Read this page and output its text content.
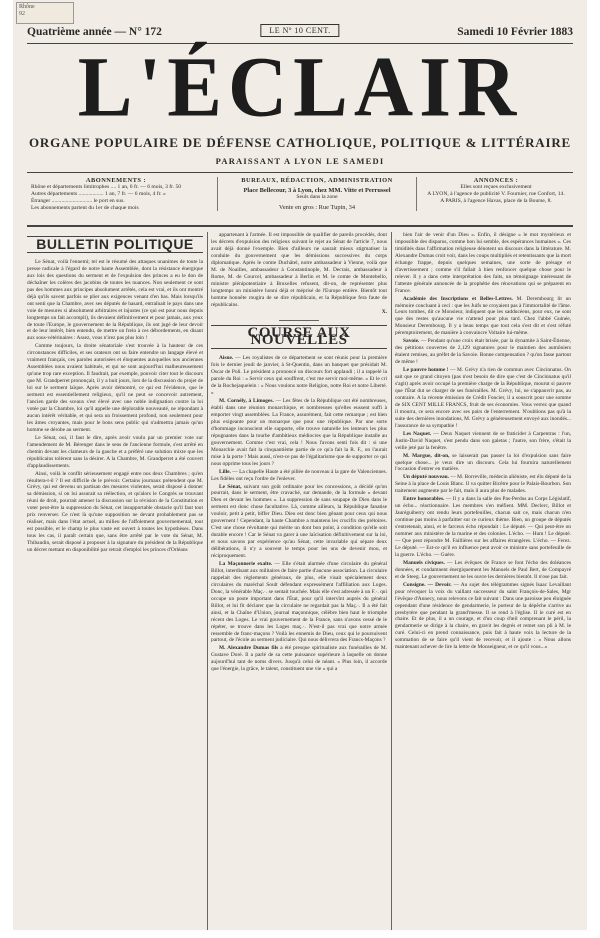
Rhône
92
Quatrième année — N° 172	LE Nº 10 CENT.	Samedi 10 Février 1883
L'ÉCLAIR
ORGANE POPULAIRE DE DÉFENSE CATHOLIQUE, POLITIQUE & LITTÉRAIRE
PARAISSANT A LYON LE SAMEDI
ABONNEMENTS :
Rhône et départements limitrophes .... 1 an, 6 fr. — 6 mois, 3 fr. 50
Autres départements .................. 1 an, 7 fr. — 6 mois, 4 fr. »
Étranger ............................. le port en sus.
Les abonnements partent du 1er de chaque mois
BUREAUX, RÉDACTION, ADMINISTRATION
Place Bellecour, 3 à Lyon, chez MM. Vitte et Perrussel
Seuls dans la zone
Vente en gros : Rue Tupin, 34
ANNONCES :
Elles sont reçues exclusivement
A LYON, à l'agence de publicité V. Fournier, rue Confort, 14.
A PARIS, à l'agence Havas, place de la Bourse, 8.
BULLETIN POLITIQUE

Le Sénat, voilà l'ennemi; tel est le résumé des attaques unanimes de toute la presse radicale à l'égard de notre haute Assemblée, dont la résistance énergique aux lois des questions du serment et de l'expulsion des princes a eu le don de déchaîner les colères des jacobins de toutes les nuances. Non seulement ce sont pas des hommes aux principes absolument arrêtés, cela est vrai, et ils ont montré déjà qu'ils savent parfois se plier aux exigences venant d'en bas. Mais lorsqu'ils ont senti que la Chambre, avec ses députés de hasard, entraînait le pays dans une voie de mesures si absolument arbitraires et injustes (ce qui est pour nous depuis longtemps un fait accompli), ils devaient définitivement et pour jamais, aux yeux de toute l'Europe, le gouvernement de la République, ils ont jugé de leur devoir et de leur intérêt, bien entendu, de mettre un frein à ces débordements, en disant aux sous-vétérinaires : Assez, vous n'irez pas plus loin !

Comme toujours, la droite sénatoriale s'est trouvée à la hauteur de ces circonstances difficiles, et ses orateurs ont su faire entendre un langage élevé et vraiment français, ces paroles autorisées et éloquentes auxquelles nos anciennes Assemblées nous avaient habitués, et qui ne sont aujourd'hui malheureusement qu'une trop rare exception. Il faudrait, par exemple, pouvoir citer tout le discours que M. Grandperret prononçait, il y a huit jours, lors de la discussion du projet de loi sur le serment laïque. Après avoir démontré, ce qui est l'évidence, que le serment est essentiellement religieux, qu'il ne peut se concevoir autrement, l'ancien garde des sceaux s'est élevé avec une noble indignation contre la loi votée par la Chambre, loi qu'il appelle une déplorable nouveauté, ne répondant à aucun intérêt véritable, et qui sera un froissement profond, non seulement pour les âmes croyantes, mais pour le bons sens public qui n'admettra jamais qu'un homme se dérobe au serment.

Le Sénat, oui, il faut le dire, après avoir voulu par un premier vote sur l'amendement de M. Bérenger dans le sens de l'ancienne formule, s'est arrêté en chemin devant les clameurs de la gauche et a préféré une solution mixte que les républicains tolèrent sans la désirer. A la Chambre, M. Grandperret a été couvert d'applaudissements.

Ainsi, voilà le conflit sérieusement engagé entre nos deux Chambres ; qu'en résultera-t-il ? Il est difficile de le prévoir. Certains journaux prétendent que M. Grévy, qui est devenu un partisan des mesures violentes, serait disposé à donner sa démission, si on lui assurait sa réélection, et qu'alors le Congrès se trouvant réuni de droit, pourrait amener la discussion sur la révision de la Constitution et voter peut-être la suppression du Sénat, cet insupportable obstacle qu'il faut tout prix renverser. Ce n'est là qu'une supposition ne devant probablement pas se réaliser, mais dans l'état actuel, au milieu de l'affolement gouvernemental, tout est possible, et le champ le plus vaste est ouvert à toutes les hypothèses. Dans tous les cas, il paraît certain que, sans être arrêté par le vote du Sénat, M. Thibaudin, serait disposé à proposer à la signature du président de la République un décret mettant en disponibilité par retrait d'emploi les princes d'Orléans

appartenant à l'armée. Il est impossible de qualifier de pareils procédés, dont les décrets d'expulsion des religieux suivant le rejet au Sénat de l'article 7, nous avait déjà donné l'exemple. Bien d'ailleurs ne saurait mieux stigmatiser la conduite du gouvernement que les démissions successives du corps diplomatique. Après le comte Duchâtel, notre ambassadeur à Vienne, voilà que M. de Noailles, ambassadeur à Constantinople, M. Decrais, ambassadeur à Rome, M. de Courcel, ambassadeur à Berlin et M. le comte de Montebello, ministre plénipotentiaire à Bruxelles refusent, dit-on, de représenter plus longtemps un ministère honni déjà et méprisé de l'Europe entière. Bientôt tout homme honnête rougira de se dire républicain, et la République fera faute de républicains.

X.
COURSE AUX NOUVELLES

Aisne. — Les royalistes de ce département se sont réunis pour la première fois le dernier jeudi de janvier, à St-Quentin, dans un banquet que présidait M. Oscar de Poli. Le président a prononcé un discours fort applaudi ; il a rappelé la parole du Roi : « Servir ceux qui souffrent, c'est me servir moi-même. » Et le cri de la Rochejaquelein : « Nous voulons notre Religion, notre Roi et notre Liberté. »

M. Cornély, à Limoges. — Les fêtes de la République ont été nombreuses, établi dans une réunion monarchique, et nombreuses qu'elles eussent suffi à emporter vingt assemblées. La France, assurément, fait cette remarque ; est bien plus exigeante pour un monarque que pour une république. Par une sorte d'hommage inconscient elle supporte, elle trouve naturelle les lenteurs les plus répugnantes dans la tourbe d'ambitieux médiocres que la République installe au gouvernement. Comme c'est vrai, cela ! Nous l'avons senti fois dit : si une Monarchie avait fait la cinquantième partie de ce qu'a fait la R. F., on l'aurait mise à la porte ! Mais aussi, n'est-ce pas de l'égalitarisme que de supporter ce qui nous opprime tous les jours ?

Lille. — La chapelle Haute a été pillée de nouveau à la gare de Valenciennes. Les fidèles ont reçu l'ordre de l'enlever.

Le Sénat, suivant son goût ordinaire pour les concessions, a décidé qu'on pourrait, dans le serment, être cravaché, sur demande, de la formule « devant Dieu et devant les hommes ». La suppression de sans soupape de Dieu dans le serment est donc chose facultative. Là, comme ailleurs, la République fanatise vouloir, petit à petit, biffer Dieu. Dieu est donc bien gênant pour ceux qui nous gouvernent ! Cependant, la haute Chambre a maintenu les crucifix des prétoires. C'est une chose révoltante qui mérite un dont bon point, à condition qu'elle soit durable encore ! Car le Sénat va garer à une laïcisation définitivement sur la loi, et nous savons par expérience qu'au Sénat, cette invariable qui sépare deux délibérations, il n'y a souvent le temps pour les uns de devenir mou, et réciproquement.

La Maçonnerie exalte. — Elle s'était alarmée d'une circulaire du général Billot, interdisant aux militaires de faire partie d'aucune association. La circulaire rappelait des règlements généraux, de plus, elle visait spécialement deux circulaires du maréchal Soult défendant expressément l'affiliation aux Loges. Donc, la vénérable Maç.·. se sentait touchée. Mais elle s'est adressée à un F.·. qui occupe un poste important dans l'État, pour qu'il intervînt auprès du général Billot, et lui fit déclarer que la circulaire ne regardait pas la Maç.·. Il a été fait ainsi, et la Chaîne d'Union, journal maçonnique, célèbre bien haut le triomphe récent des Loges. Le vrai gouvernement de la France, sans n'avons cessé de le répéter, se trouve dans les Loges maç.·. N'est-il pas vrai que notre armée ressemble de franc-maçons ? Voilà les ennemis de Dieu, ceux qui le poursuivent partout, de l'école au serment judiciaire. Qui nous délivrera des Francs-Maçons ?

M. Alexandre Dumas fils a été presque spiritualiste aux funérailles de M. Gustave Doré. Il a parlé de sa cette puissance supérieure à laquelle on donne aujourd'hui tant de noms divers. Jusqu'à celui de néant. » Plus loin, il accorde que l'énergie, la grâce, le talent, constituent une vie « qui a

bien l'air de venir d'un Dieu ». Enfin, il désigne « le mot mystérieux et impossible des disparus, comme bon lui semble, des espérances humaines ». Ces timidités dans l'affirmation religieuse dénotent un discours dans la littérature. M. Alexandre Dumas croit voir, dans les coups multipliés et retentissants que la mort échange frappe, depuis quelques semaines, une sorte de présage et d'avertissement ; comme s'il fallait à bien renfoncer quelque chose pour le relever. Il y a dans cette interprétation des faits, un témoignage intéressant de l'attente générale annoncée de la prophétie des rénovations qui se préparent en France.

Académie des Inscriptions et Belles-Lettres. M. Derembourg lit un mémoire concluant à ceci : que les Juifs ne croyaient pas à l'immortalité de l'âme. Leurs tombes, dit ce Monsieur, indiquent que les sadducéens, pour eux, ne sont que des restes qu'aucune vie n'attend pour plus tard. Chez l'abbé Guinée, Monsieur Derembourg. Il y a beau temps que tout cela s'est dit et s'est réfuté péremptoirement, de manière à convaincre Voltaire lui-même.

Savoie. — Pendant qu'une croix était brisée, par la dynamite à Saint-Étienne, des pétitions couvertes de 2,129 signatures pour le maintien des aumôniers étaient remises, au préfet de la Savoie. Bonne compensation ? qu'on fasse partout de même !

Le pauvre homme ! — M. Grévy n'a rien de commun avec Cincinnatus. On sait que ce grand citoyen (pas n'est besoin de dire que c'est de Cincinnatus qu'il s'agit) après avoir occupé la première charge de la République, mourut si pauvre que l'État dut se charger de ses funérailles. M. Grévy, lui, ne s'appauvrit pas, au contraire. A la récente émission de Crédit Foncier, il a souscrit pour une somme de SIX CENT MILLE FRANCS, fruit de ses économies. Vous verrez que quand il mourra, ce sera encore avec ses pairs de l'enterrement. N'oublions pas qu'à la suite des dernières inondations, M. Grévy a généreusement envoyé aux inondés... l'assurance de sa sympathie !

Les Naquet. — Deux Naquet viennent de se fraticider à Carpentras : l'un, Justin-David Naquet, s'est pendu dans son galetas ; l'autre, son frère, s'était la veille jeté par la fenêtre.

M. Margue, dit-on, se laisserait pas passer la loi d'expulsion sans faire quelque chose... je veux dire un discours. Cela lui fournira naturellement l'occasion d'entrer en matière.

Un député nouveau. — M. Borreville, médecin aliéniste, est élu député de la Seine à la place de Louis Blanc. Il va quitter Bicêtre pour le Palais-Bourbon. Son traitement augmente par le fait, mais il aura plus de malades.

Entre honorables. — Il y a dans la salle des Pas-Perdus au Corps Législatif, un écho... réactionnaire. Les membres s'en méfient. MM. Declerc, Billot et Jauréguiberry ont rendu leurs portefeuilles, chacun sait ce, mais chacun n'en continue pas moins à parfaitter sur ce curieux thème. Bien, un groupe de députés s'entretenait, ainsi, et le farceux écho répondait : Le député. — Qui peut-être on nommer aux ministère de la marine et des colonies. L'écho. — Hum ! Le député. — Que peut répondre M. Faillières sur les affaires étrangères. L'écho. — Ferez. Le député. — Est-ce qu'il en influence peut avoir ce ministre sans portefeuille de la guerre. L'écho. — Guère.

Manuels civiques. — Les évêques de France se font l'écho des doléances données, et condamnent énergiquement les Manuels de Paul Bert, de Compayré et de Steeg. Le gouvernement ne les ouvre les dernières bientôt. Il n'ose pas fait.

Consigne. — Devoir. — Au sujet des télégrammes signés Isaac Levaillant pour révoquer la voix du vaillant successeur du saint François-de-Sales, Mgr l'évêque d'Annecy, nous relevons ce fait suivant : Dans une paroisse peu éloignée cependant d'une résidence de gendarmerie, le porteur de la dépêche s'arrive au presbytère que pendant la grand'messe. Il se rend à l'église. Il le curé est en chaire. Et de plus, il a un courage, et d'un coup d'œil comprenant le péril, la gendarmerie se dirige à la chaire, en gravit les degrés et remet son pli à M. le curé. Celui-ci en prend connaissance, puis fait à haute voix la lecture de la sommation de se faire qu'il vient de recevoir, et il ajoute : « Nous allons maintenant achever de lire la lettre de Monseigneur, et ce qu'il vous...»
